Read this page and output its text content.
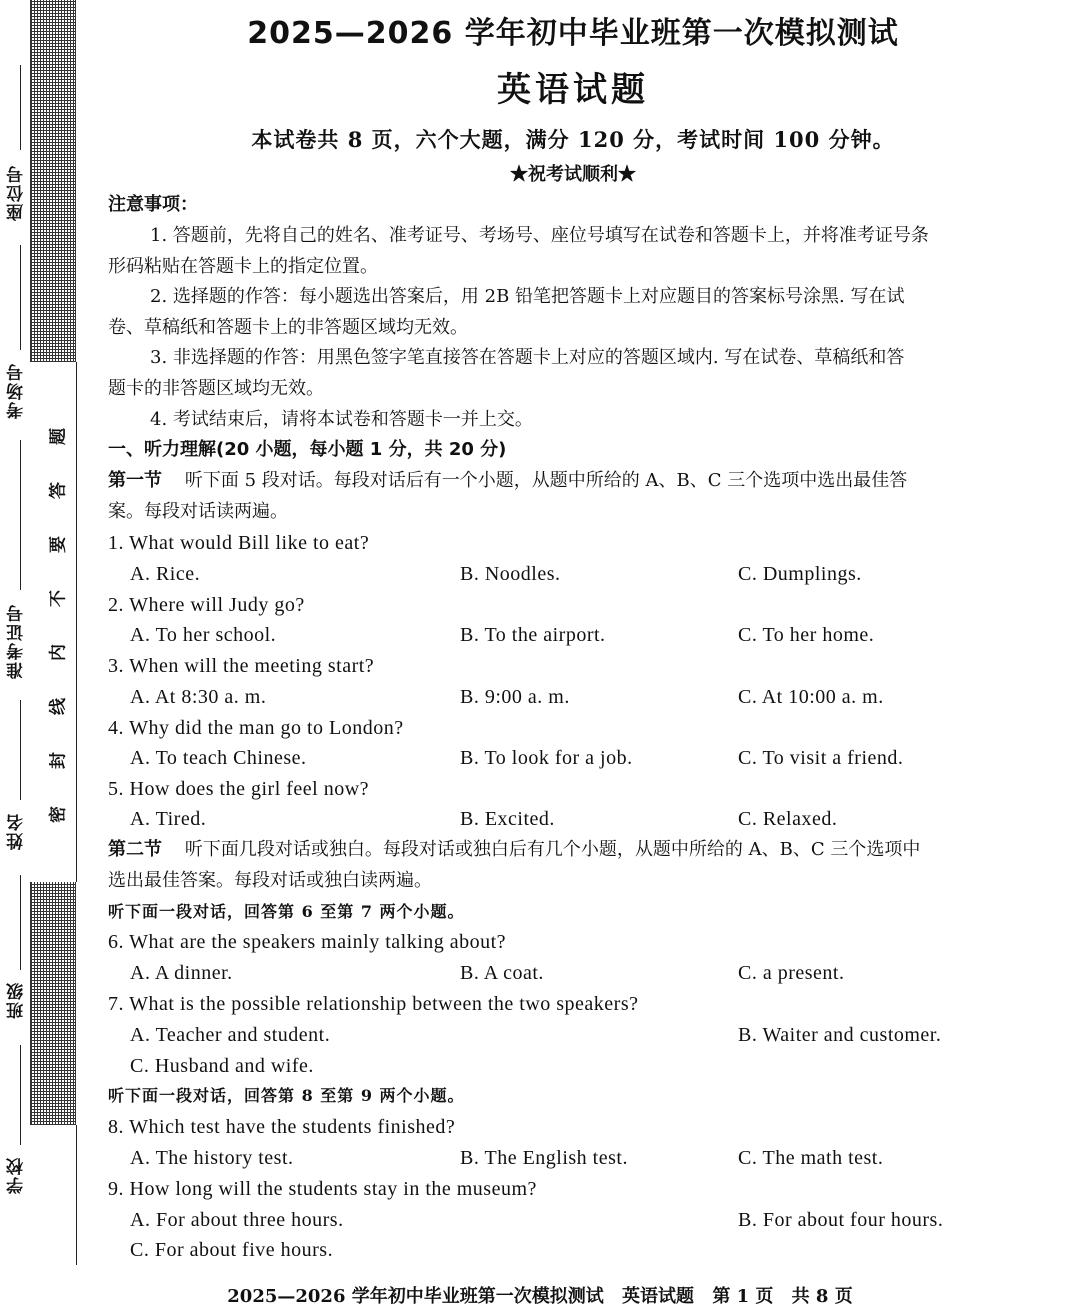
座位号
考场号
准考证号
姓名
班级
学校
题
答
要
不
内
线
封
密
2025—2026 学年初中毕业班第一次模拟测试
英语试题
本试卷共 8 页，六个大题，满分 120 分，考试时间 100 分钟。
★祝考试顺利★
注意事项：
1. 答题前，先将自己的姓名、准考证号、考场号、座位号填写在试卷和答题卡上，并将准考证号条
形码粘贴在答题卡上的指定位置。
2. 选择题的作答：每小题选出答案后，用 2B 铅笔把答题卡上对应题目的答案标号涂黑. 写在试
卷、草稿纸和答题卡上的非答题区域均无效。
3. 非选择题的作答：用黑色签字笔直接答在答题卡上对应的答题区域内. 写在试卷、草稿纸和答
题卡的非答题区域均无效。
4. 考试结束后，请将本试卷和答题卡一并上交。
一、听力理解(20 小题，每小题 1 分，共 20 分)
第一节 听下面 5 段对话。每段对话后有一个小题，从题中所给的 A、B、C 三个选项中选出最佳答
案。每段对话读两遍。
1. What would Bill like to eat?
A. Rice.	B. Noodles.	C. Dumplings.
2. Where will Judy go?
A. To her school.	B. To the airport.	C. To her home.
3. When will the meeting start?
A. At 8:30 a. m.	B. 9:00 a. m.	C. At 10:00 a. m.
4. Why did the man go to London?
A. To teach Chinese.	B. To look for a job.	C. To visit a friend.
5. How does the girl feel now?
A. Tired.	B. Excited.	C. Relaxed.
第二节 听下面几段对话或独白。每段对话或独白后有几个小题，从题中所给的 A、B、C 三个选项中
选出最佳答案。每段对话或独白读两遍。
听下面一段对话，回答第 6 至第 7 两个小题。
6. What are the speakers mainly talking about?
A. A dinner.	B. A coat.	C. a present.
7. What is the possible relationship between the two speakers?
A. Teacher and student.	B. Waiter and customer.
C. Husband and wife.
听下面一段对话，回答第 8 至第 9 两个小题。
8. Which test have the students finished?
A. The history test.	B. The English test.	C. The math test.
9. How long will the students stay in the museum?
A. For about three hours.	B. For about four hours.
C. For about five hours.
2025—2026 学年初中毕业班第一次模拟测试 英语试题 第 1 页 共 8 页
